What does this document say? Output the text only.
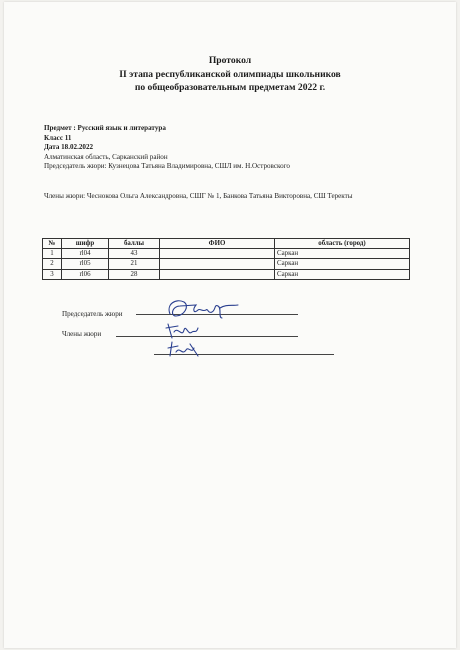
Протокол
II этапа республиканской олимпиады школьников
по общеобразовательным предметам 2022 г.
Предмет : Русский язык и литература
Класс 11
Дата 18.02.2022
Алматинская область, Сарканский район
Председатель жюри: Кузнецова Татьяна Владимировна, СШЛ им. Н.Островского
Члены жюри: Чеснокова Ольга Александровна, СШГ № 1, Банкова Татьяна Викторовна, СШ Теректы
№	шифр	баллы	ФИО	область (город)
1	rl04	43		Саркан
2	rl05	21		Саркан
3	rl06	28		Саркан
Председатель жюри
Члены жюри
